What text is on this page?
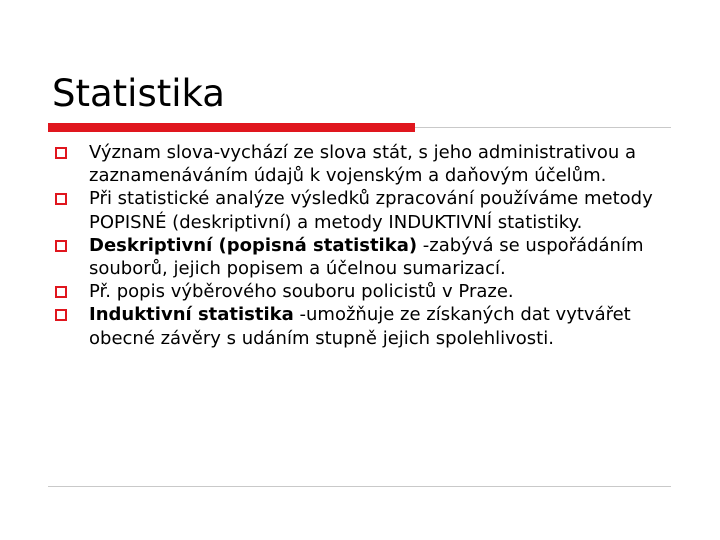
Statistika
Význam slova-vychází ze slova stát, s jeho administrativou a zaznamenáváním údajů k vojenským a daňovým účelům.
Při statistické analýze výsledků zpracování používáme metody POPISNÉ (deskriptivní) a metody INDUKTIVNÍ statistiky.
Deskriptivní (popisná statistika) -zabývá se uspořádáním souborů, jejich popisem a účelnou sumarizací.
Př. popis výběrového souboru policistů v Praze.
Induktivní statistika -umožňuje ze získaných dat vytvářet obecné závěry s udáním stupně jejich spolehlivosti.
